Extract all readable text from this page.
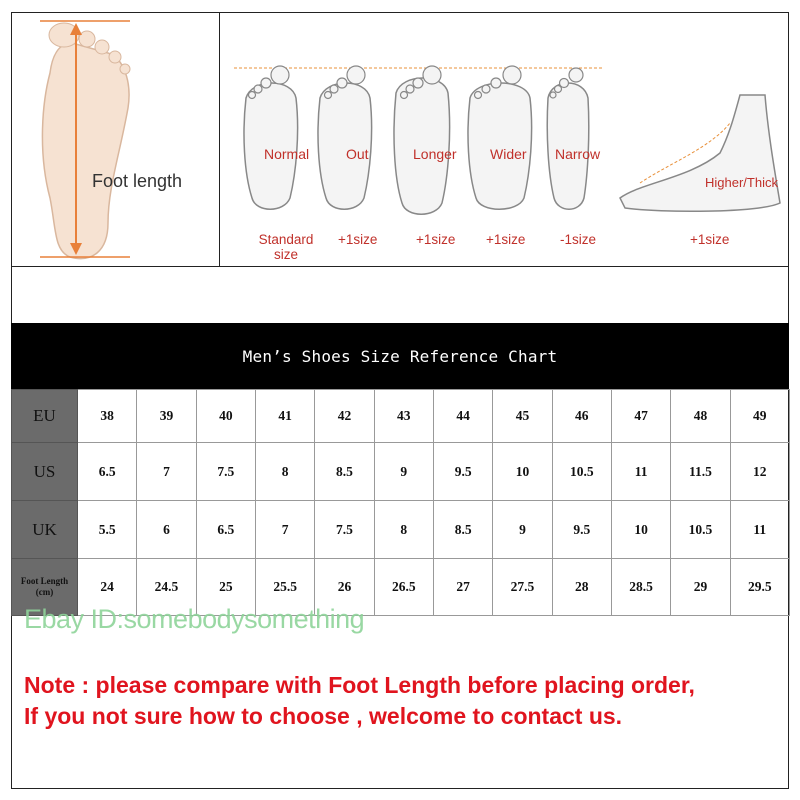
Foot length
Normal	Out	Longer Wider Narrow
Higher/Thick
Standard
size
+1size	+1size +1size	-1size	+1size
Men’s Shoes Size Reference Chart
EU	38	39	40	41	42	43	44	45	46	47	48	49
US	6.5	7	7.5	8	8.5	9	9.5	10	10.5	11	11.5	12
UK	5.5	6	6.5	7	7.5	8	8.5	9	9.5	10	10.5	11
Foot Length
(cm)	24	24.5	25	25.5	26	26.5	27	27.5	28	28.5	29	29.5
Ebay ID:somebodysomething
Note : please compare with Foot Length before placing order,
If you not sure how to choose , welcome to contact us.
